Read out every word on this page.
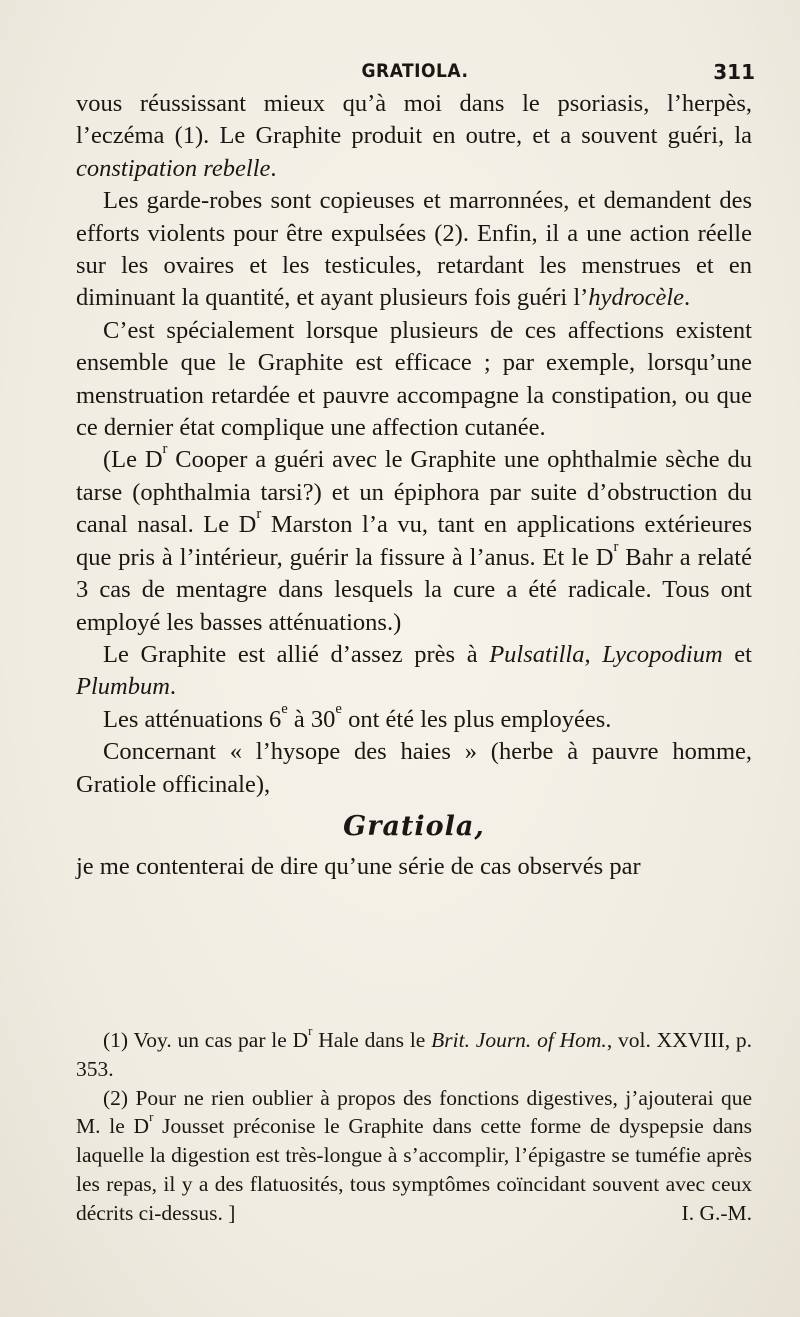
GRATIOLA.	311

vous réussissant mieux qu’à moi dans le psoriasis, l’herpès, l’eczéma (1). Le Graphite produit en outre, et a souvent guéri, la constipation rebelle.

Les garde-robes sont copieuses et marronnées, et demandent des efforts violents pour être expulsées (2). Enfin, il a une action réelle sur les ovaires et les testicules, retardant les menstrues et en diminuant la quantité, et ayant plusieurs fois guéri l’hydrocèle.

C’est spécialement lorsque plusieurs de ces affections existent ensemble que le Graphite est efficace ; par exemple, lorsqu’une menstruation retardée et pauvre accompagne la constipation, ou que ce dernier état complique une affection cutanée.

(Le $D^r$ Cooper a guéri avec le Graphite une ophthalmie sèche du tarse (ophthalmia tarsi?) et un épiphora par suite d’obstruction du canal nasal. Le $D^r$ Marston l’a vu, tant en applications extérieures que pris à l’intérieur, guérir la fissure à l’anus. Et le $D^r$ Bahr a relaté 3 cas de mentagre dans lesquels la cure a été radicale. Tous ont employé les basses atténuations.)

Le Graphite est allié d’assez près à Pulsatilla, Lycopodium et Plumbum.

Les atténuations 6e à 30e ont été les plus employées.

Concernant « l’hysope des haies » (herbe à pauvre homme, Gratiole officinale),

Gratiola,

je me contenterai de dire qu’une série de cas observés par

(1) Voy. un cas par le $D^r$ Hale dans le Brit. Journ. of Hom., vol. XXVIII, p. 353.

(2) Pour ne rien oublier à propos des fonctions digestives, j’ajouterai que M. le $D^r$ Jousset préconise le Graphite dans cette forme de dyspepsie dans laquelle la digestion est très-longue à s’accomplir, l’épigastre se tuméfie après les repas, il y a des flatuosités, tous symptômes coïncidant souvent avec ceux décrits ci-dessus. ]	I. G.-M.
